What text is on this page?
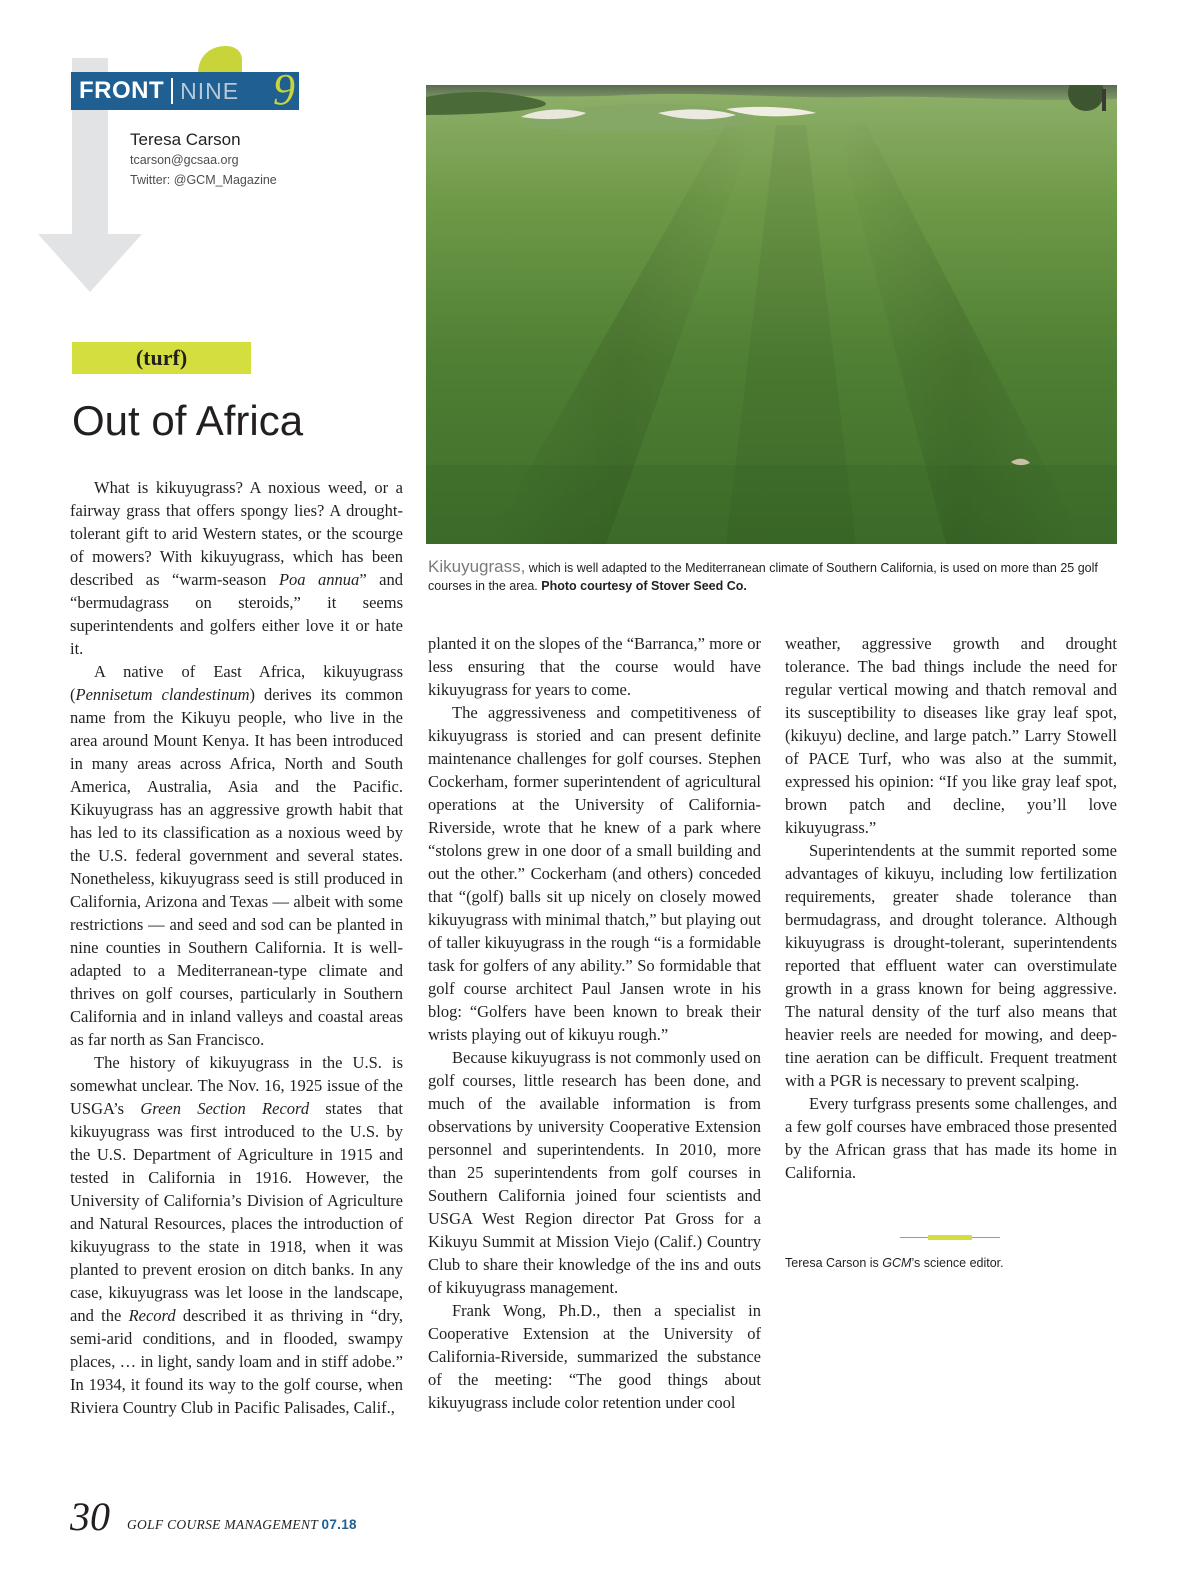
FRONT NINE 9
Teresa Carson
tcarson@gcsaa.org
Twitter: @GCM_Magazine
(turf)
Out of Africa

Kikuyugrass, which is well adapted to the Mediterranean climate of Southern California, is used on more than 25 golf courses in the area. Photo courtesy of Stover Seed Co.

What is kikuyugrass? A noxious weed, or a fairway grass that offers spongy lies? A drought-tolerant gift to arid Western states, or the scourge of mowers? With kikuyugrass, which has been described as “warm-season Poa annua” and “bermudagrass on steroids,” it seems superintendents and golfers either love it or hate it.

A native of East Africa, kikuyugrass (Pennisetum clandestinum) derives its common name from the Kikuyu people, who live in the area around Mount Kenya. It has been introduced in many areas across Africa, North and South America, Australia, Asia and the Pacific. Kikuyugrass has an aggressive growth habit that has led to its classification as a noxious weed by the U.S. federal government and several states. Nonetheless, kikuyugrass seed is still produced in California, Arizona and Texas — albeit with some restrictions — and seed and sod can be planted in nine counties in Southern California. It is well-adapted to a Mediterranean-type climate and thrives on golf courses, particularly in Southern California and in inland valleys and coastal areas as far north as San Francisco.

The history of kikuyugrass in the U.S. is somewhat unclear. The Nov. 16, 1925 issue of the USGA’s Green Section Record states that kikuyugrass was first introduced to the U.S. by the U.S. Department of Agriculture in 1915 and tested in California in 1916. However, the University of California’s Division of Agriculture and Natural Resources, places the introduction of kikuyugrass to the state in 1918, when it was planted to prevent erosion on ditch banks. In any case, kikuyugrass was let loose in the landscape, and the Record described it as thriving in “dry, semi-arid conditions, and in flooded, swampy places, … in light, sandy loam and in stiff adobe.” In 1934, it found its way to the golf course, when Riviera Country Club in Pacific Palisades, Calif.,

planted it on the slopes of the “Barranca,” more or less ensuring that the course would have kikuyugrass for years to come.

The aggressiveness and competitiveness of kikuyugrass is storied and can present definite maintenance challenges for golf courses. Stephen Cockerham, former superintendent of agricultural operations at the University of California-Riverside, wrote that he knew of a park where “stolons grew in one door of a small building and out the other.” Cockerham (and others) conceded that “(golf) balls sit up nicely on closely mowed kikuyugrass with minimal thatch,” but playing out of taller kikuyugrass in the rough “is a formidable task for golfers of any ability.” So formidable that golf course architect Paul Jansen wrote in his blog: “Golfers have been known to break their wrists playing out of kikuyu rough.”

Because kikuyugrass is not commonly used on golf courses, little research has been done, and much of the available information is from observations by university Cooperative Extension personnel and superintendents. In 2010, more than 25 superintendents from golf courses in Southern California joined four scientists and USGA West Region director Pat Gross for a Kikuyu Summit at Mission Viejo (Calif.) Country Club to share their knowledge of the ins and outs of kikuyugrass management.

Frank Wong, Ph.D., then a specialist in Cooperative Extension at the University of California-Riverside, summarized the substance of the meeting: “The good things about kikuyugrass include color retention under cool

weather, aggressive growth and drought tolerance. The bad things include the need for regular vertical mowing and thatch removal and its susceptibility to diseases like gray leaf spot, (kikuyu) decline, and large patch.” Larry Stowell of PACE Turf, who was also at the summit, expressed his opinion: “If you like gray leaf spot, brown patch and decline, you’ll love kikuyugrass.”

Superintendents at the summit reported some advantages of kikuyu, including low fertilization requirements, greater shade tolerance than bermudagrass, and drought tolerance. Although kikuyugrass is drought-tolerant, superintendents reported that effluent water can overstimulate growth in a grass known for being aggressive. The natural density of the turf also means that heavier reels are needed for mowing, and deep-tine aeration can be difficult. Frequent treatment with a PGR is necessary to prevent scalping.

Every turfgrass presents some challenges, and a few golf courses have embraced those presented by the African grass that has made its home in California.

Teresa Carson is GCM’s science editor.
30 GOLF COURSE MANAGEMENT 07.18
